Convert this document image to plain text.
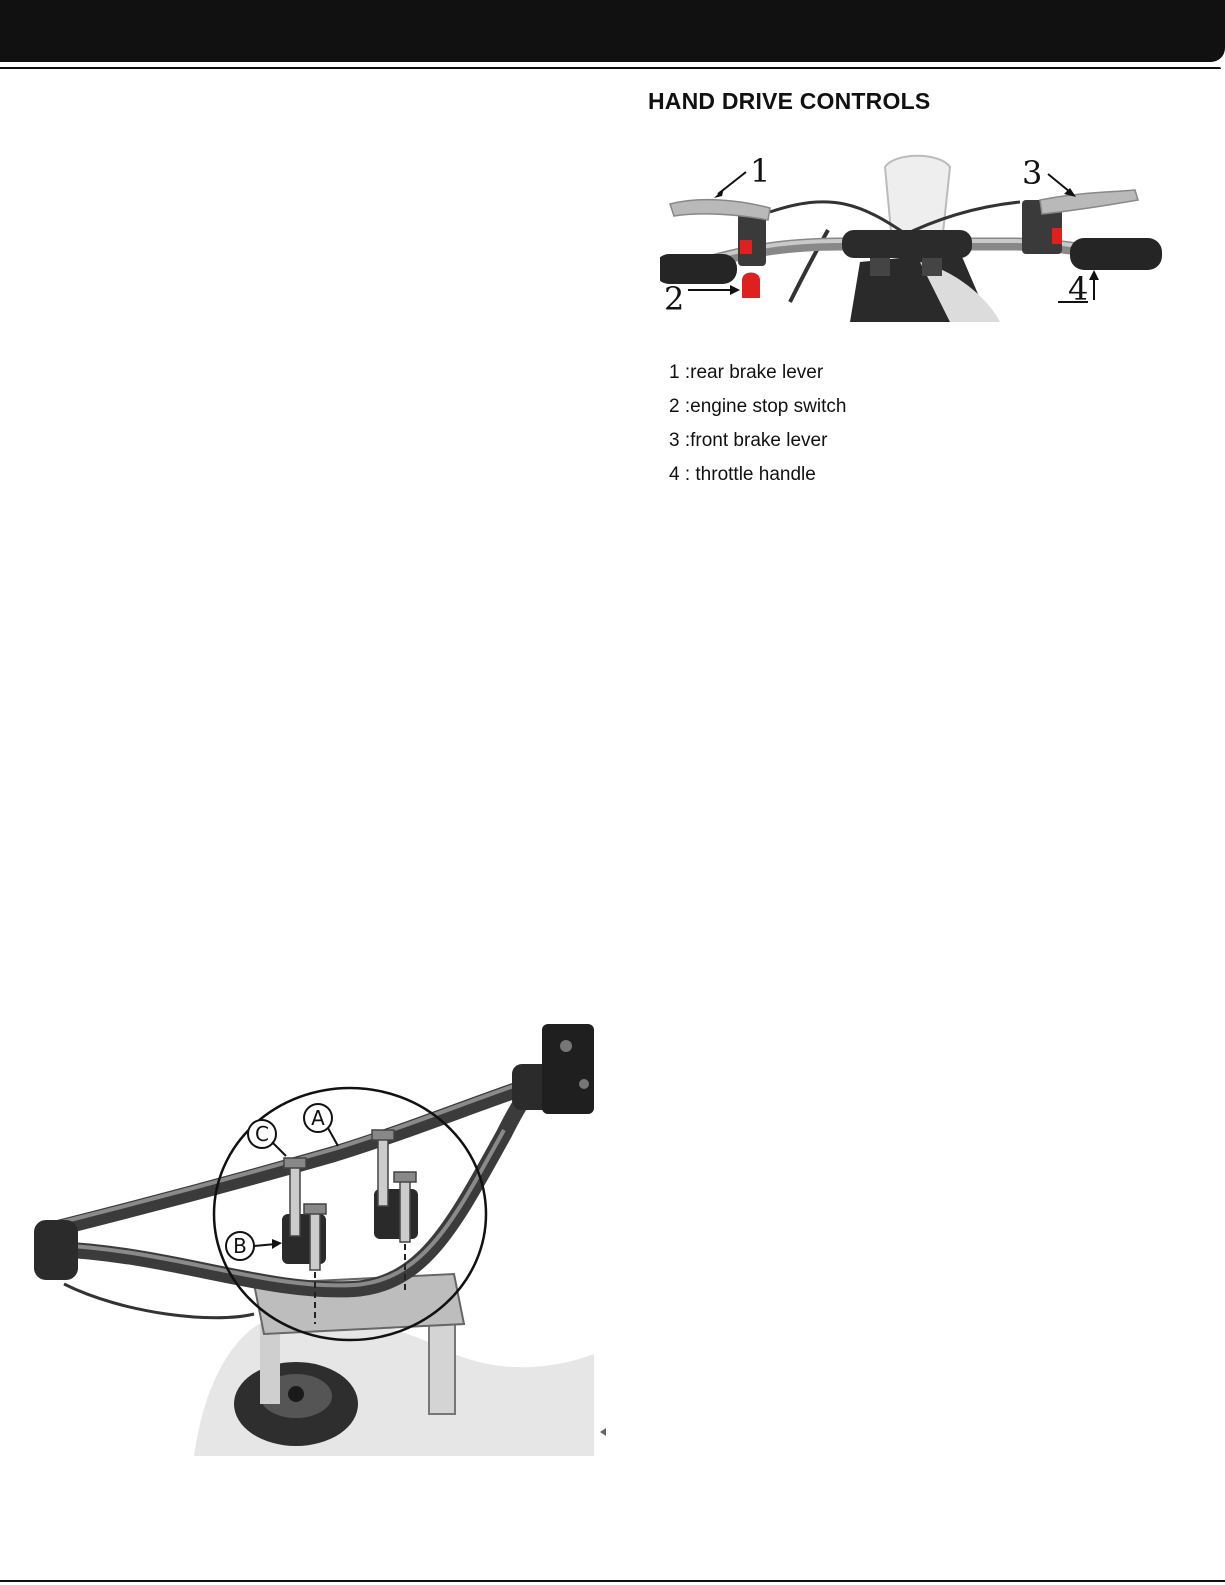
HAND DRIVE CONTROLS
1
2
3
4
1 :rear brake lever
2 :engine stop switch
3 :front brake lever
4 : throttle handle
C
A
B
